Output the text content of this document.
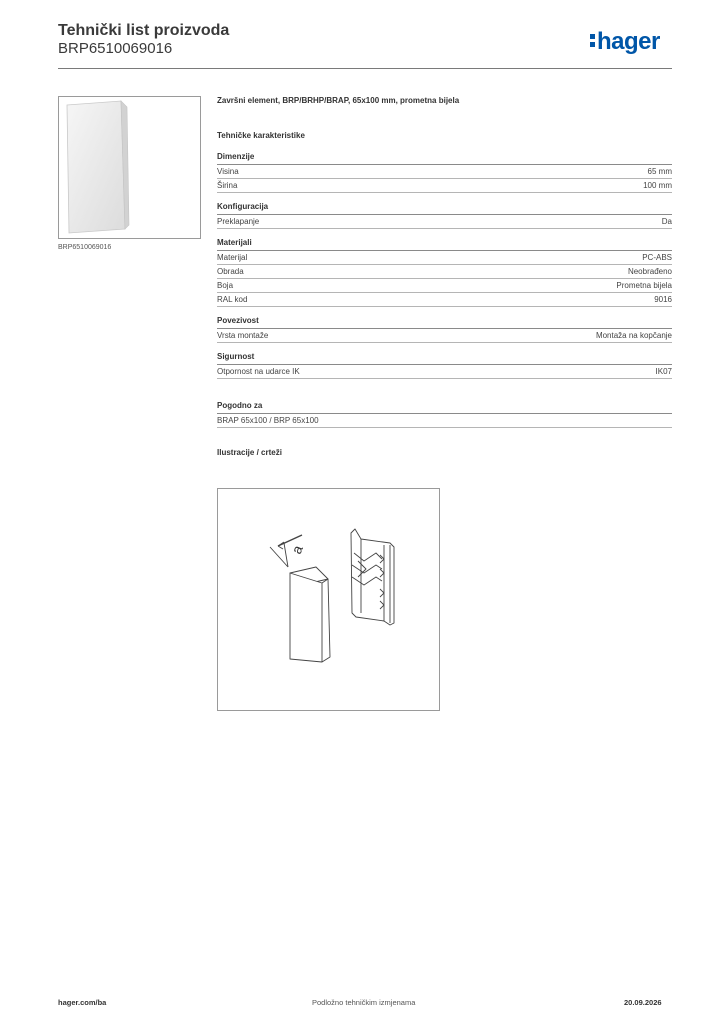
Tehnički list proizvoda
BRP6510069016	hager
BRP6510069016
Završni element, BRP/BRHP/BRAP, 65x100 mm, prometna bijela
Tehničke karakteristike
Dimenzije
Visina	65 mm
Širina	100 mm
Konfiguracija
Preklapanje	Da
Materijali
Materijal	PC-ABS
Obrada	Neobrađeno
Boja	Prometna bijela
RAL kod	9016
Povezivost
Vrsta montaže	Montaža na kopčanje
Sigurnost
Otpornost na udarce IK	IK07
Pogodno za
BRAP 65x100 / BRP 65x100
Ilustracije / crteži
a
hager.com/ba	Podložno tehničkim izmjenama	20.09.2026
